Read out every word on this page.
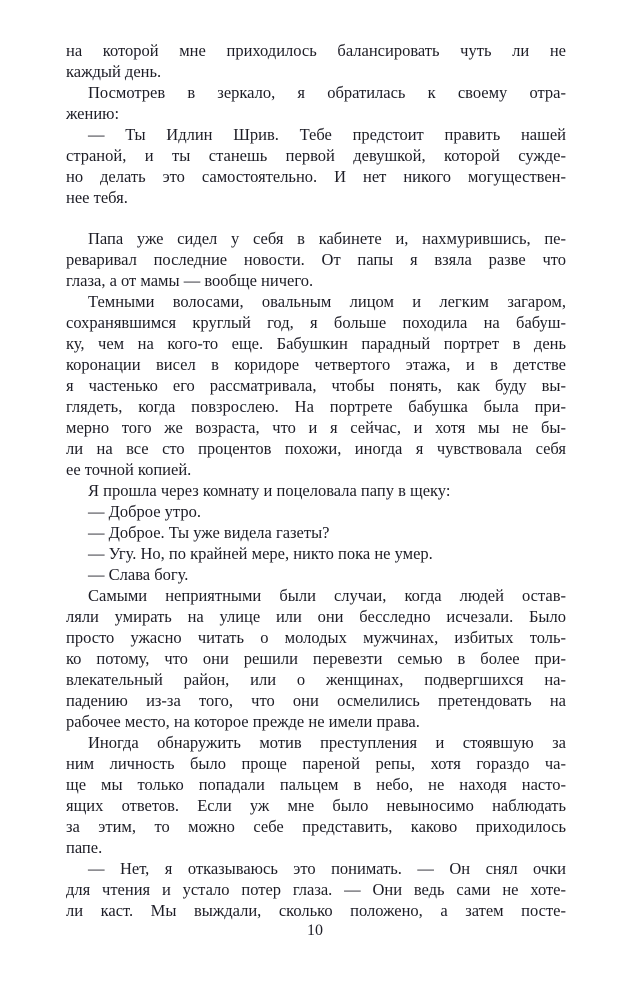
на которой мне приходилось балансировать чуть ли не
каждый день.
Посмотрев в зеркало, я обратилась к своему отра-
жению:
— Ты Идлин Шрив. Тебе предстоит править нашей
страной, и ты станешь первой девушкой, которой сужде-
но делать это самостоятельно. И нет никого могуществен-
нее тебя.
Папа уже сидел у себя в кабинете и, нахмурившись, пе-
реваривал последние новости. От папы я взяла разве что
глаза, а от мамы — вообще ничего.
Темными волосами, овальным лицом и легким загаром,
сохранявшимся круглый год, я больше походила на бабуш-
ку, чем на кого-то еще. Бабушкин парадный портрет в день
коронации висел в коридоре четвертого этажа, и в детстве
я частенько его рассматривала, чтобы понять, как буду вы-
глядеть, когда повзрослею. На портрете бабушка была при-
мерно того же возраста, что и я сейчас, и хотя мы не бы-
ли на все сто процентов похожи, иногда я чувствовала себя
ее точной копией.
Я прошла через комнату и поцеловала папу в щеку:
— Доброе утро.
— Доброе. Ты уже видела газеты?
— Угу. Но, по крайней мере, никто пока не умер.
— Слава богу.
Самыми неприятными были случаи, когда людей остав-
ляли умирать на улице или они бесследно исчезали. Было
просто ужасно читать о молодых мужчинах, избитых толь-
ко потому, что они решили перевезти семью в более при-
влекательный район, или о женщинах, подвергшихся на-
падению из-за того, что они осмелились претендовать на
рабочее место, на которое прежде не имели права.
Иногда обнаружить мотив преступления и стоявшую за
ним личность было проще пареной репы, хотя гораздо ча-
ще мы только попадали пальцем в небо, не находя насто-
ящих ответов. Если уж мне было невыносимо наблюдать
за этим, то можно себе представить, каково приходилось
папе.
— Нет, я отказываюсь это понимать. — Он снял очки
для чтения и устало потер глаза. — Они ведь сами не хоте-
ли каст. Мы выждали, сколько положено, а затем посте-
10
